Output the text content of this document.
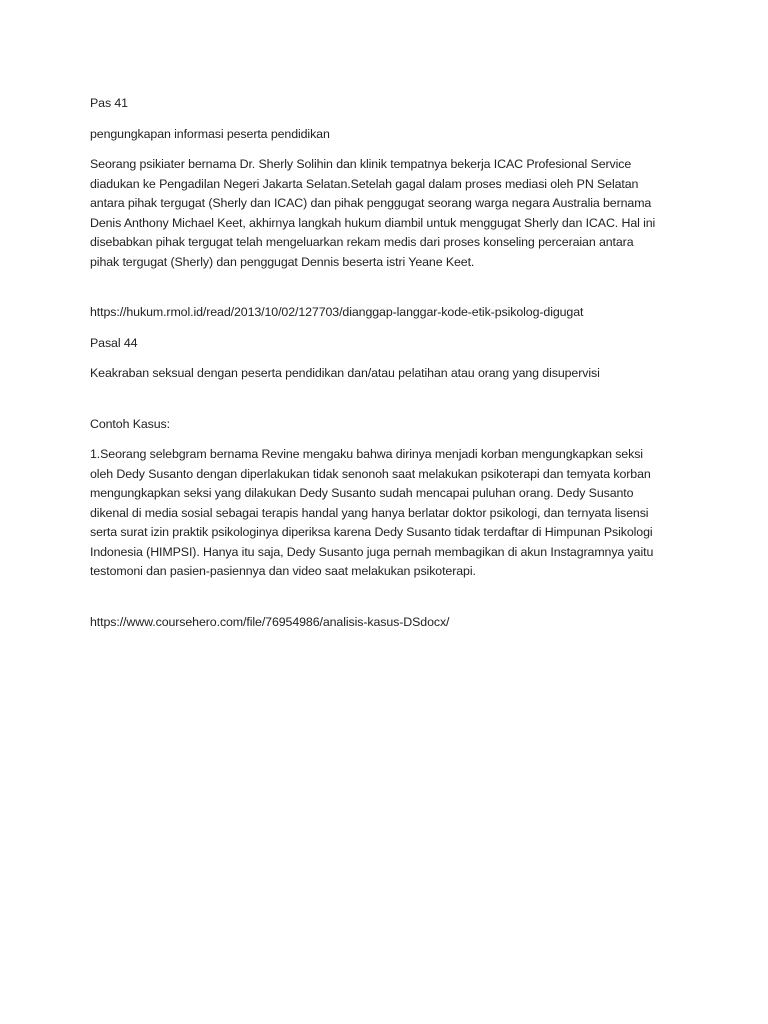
Pas 41

pengungkapan informasi peserta pendidikan

Seorang psikiater bernama Dr. Sherly Solihin dan klinik tempatnya bekerja ICAC Profesional Service
diadukan ke Pengadilan Negeri Jakarta Selatan.Setelah gagal dalam proses mediasi oleh PN Selatan
antara pihak tergugat (Sherly dan ICAC) dan pihak penggugat seorang warga negara Australia bernama
Denis Anthony Michael Keet, akhirnya langkah hukum diambil untuk menggugat Sherly dan ICAC. Hal ini
disebabkan pihak tergugat telah mengeluarkan rekam medis dari proses konseling perceraian antara
pihak tergugat (Sherly) dan penggugat Dennis beserta istri Yeane Keet.

https://hukum.rmol.id/read/2013/10/02/127703/dianggap-langgar-kode-etik-psikolog-digugat

Pasal 44

Keakraban seksual dengan peserta pendidikan dan/atau pelatihan atau orang yang disupervisi

Contoh Kasus:

1.Seorang selebgram bernama Revine mengaku bahwa dirinya menjadi korban mengungkapkan seksi
oleh Dedy Susanto dengan diperlakukan tidak senonoh saat melakukan psikoterapi dan temyata korban
mengungkapkan seksi yang dilakukan Dedy Susanto sudah mencapai puluhan orang. Dedy Susanto
dikenal di media sosial sebagai terapis handal yang hanya berlatar doktor psikologi, dan ternyata lisensi
serta surat izin praktik psikologinya diperiksa karena Dedy Susanto tidak terdaftar di Himpunan Psikologi
Indonesia (HIMPSI). Hanya itu saja, Dedy Susanto juga pernah membagikan di akun Instagramnya yaitu
testomoni dan pasien-pasiennya dan video saat melakukan psikoterapi.

https://www.coursehero.com/file/76954986/analisis-kasus-DSdocx/
